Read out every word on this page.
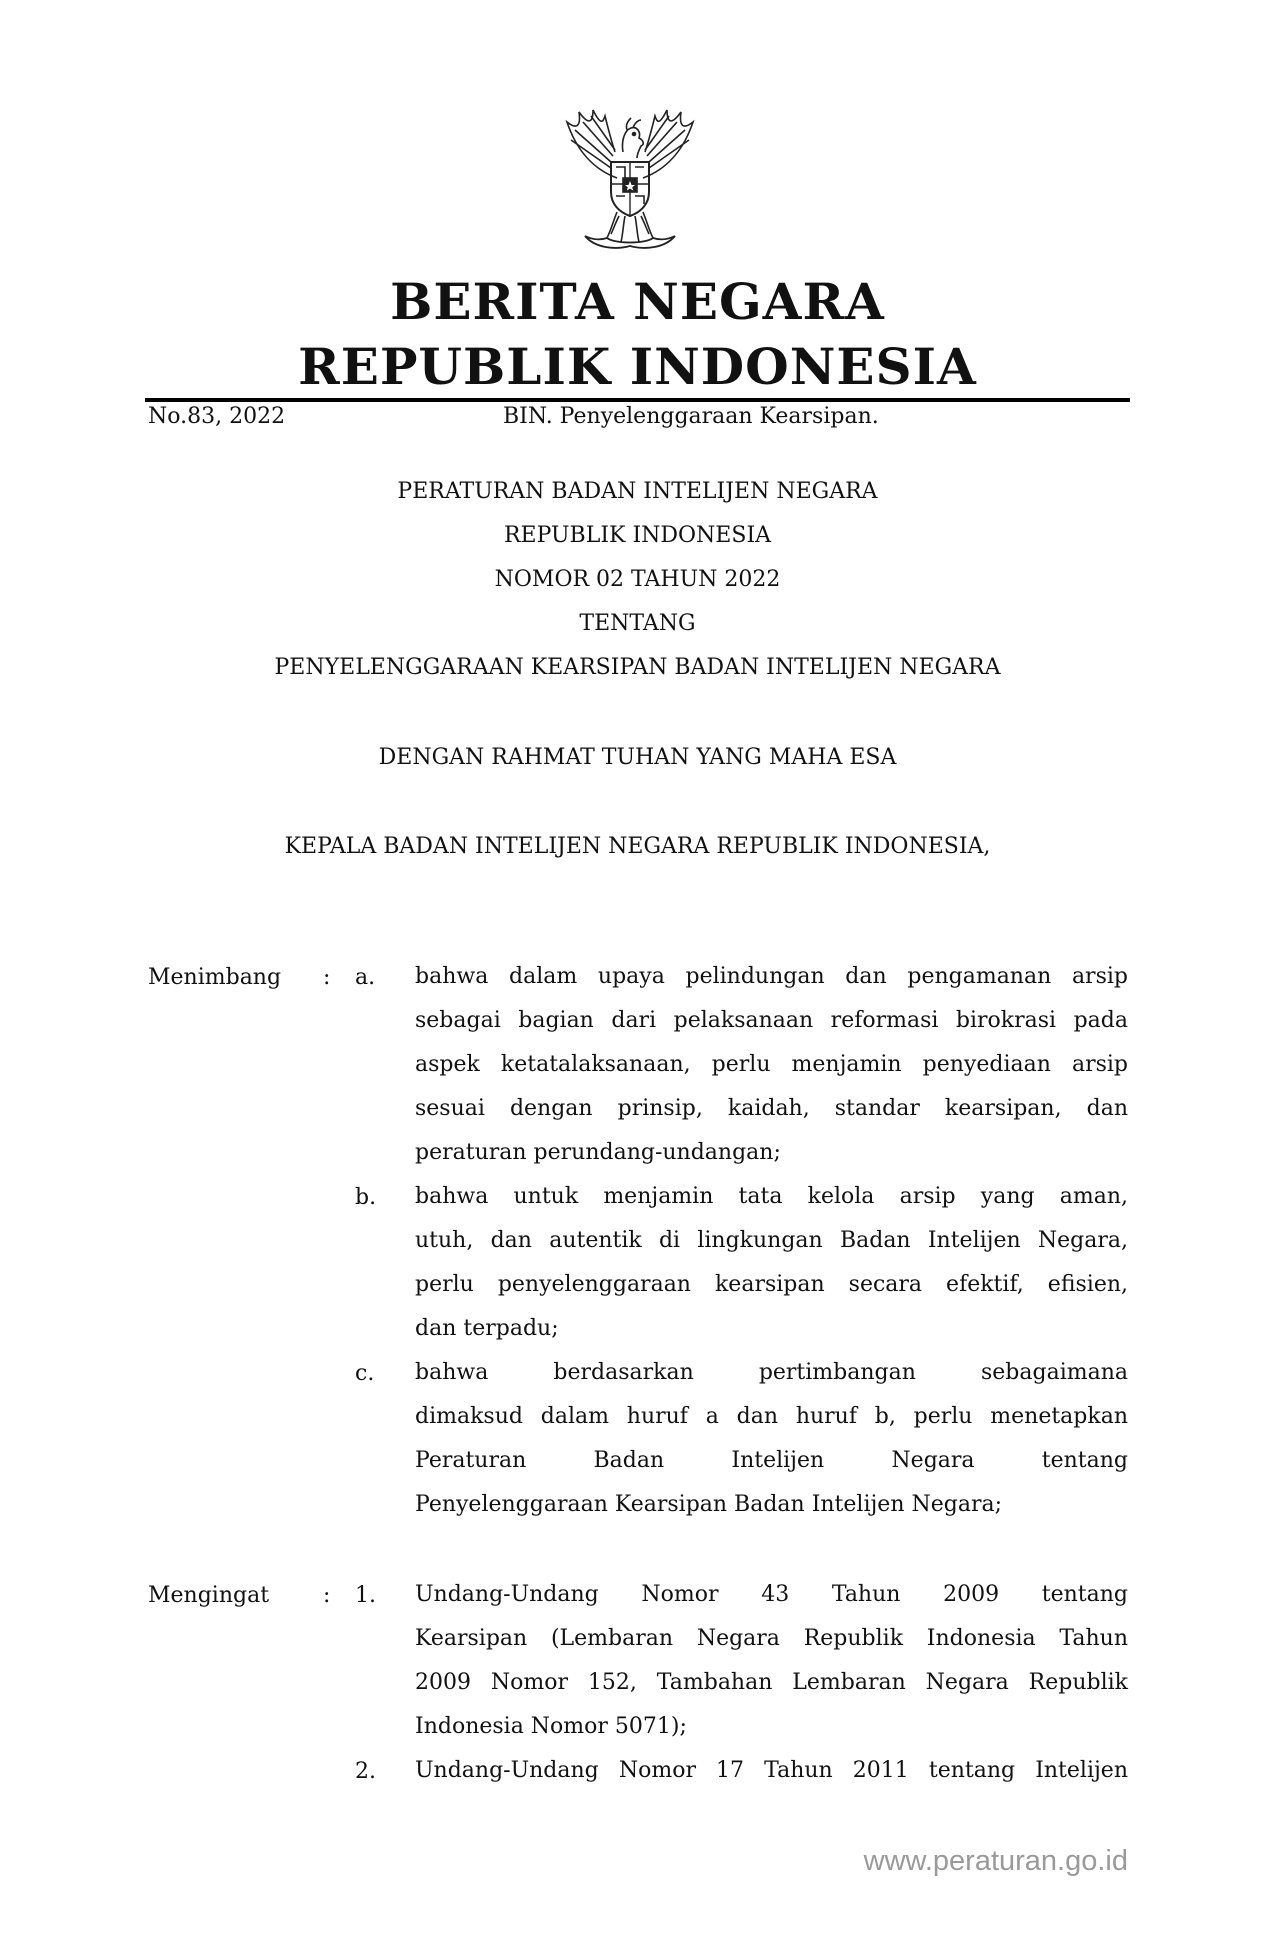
BERITA NEGARA
REPUBLIK INDONESIA
No.83, 2022	BIN. Penyelenggaraan Kearsipan.
PERATURAN BADAN INTELIJEN NEGARA
REPUBLIK INDONESIA
NOMOR 02 TAHUN 2022
TENTANG
PENYELENGGARAAN KEARSIPAN BADAN INTELIJEN NEGARA
DENGAN RAHMAT TUHAN YANG MAHA ESA
KEPALA BADAN INTELIJEN NEGARA REPUBLIK INDONESIA,
Menimbang : a. bahwa dalam upaya pelindungan dan pengamanan arsip
sebagai bagian dari pelaksanaan reformasi birokrasi pada
aspek ketatalaksanaan, perlu menjamin penyediaan arsip
sesuai dengan prinsip, kaidah, standar kearsipan, dan
peraturan perundang-undangan;
b. bahwa untuk menjamin tata kelola arsip yang aman,
utuh, dan autentik di lingkungan Badan Intelijen Negara,
perlu penyelenggaraan kearsipan secara efektif, efisien,
dan terpadu;
c. bahwa berdasarkan pertimbangan sebagaimana
dimaksud dalam huruf a dan huruf b, perlu menetapkan
Peraturan Badan Intelijen Negara tentang
Penyelenggaraan Kearsipan Badan Intelijen Negara;
Mengingat : 1. Undang-Undang Nomor 43 Tahun 2009 tentang
Kearsipan (Lembaran Negara Republik Indonesia Tahun
2009 Nomor 152, Tambahan Lembaran Negara Republik
Indonesia Nomor 5071);
2. Undang-Undang Nomor 17 Tahun 2011 tentang Intelijen
www.peraturan.go.id
